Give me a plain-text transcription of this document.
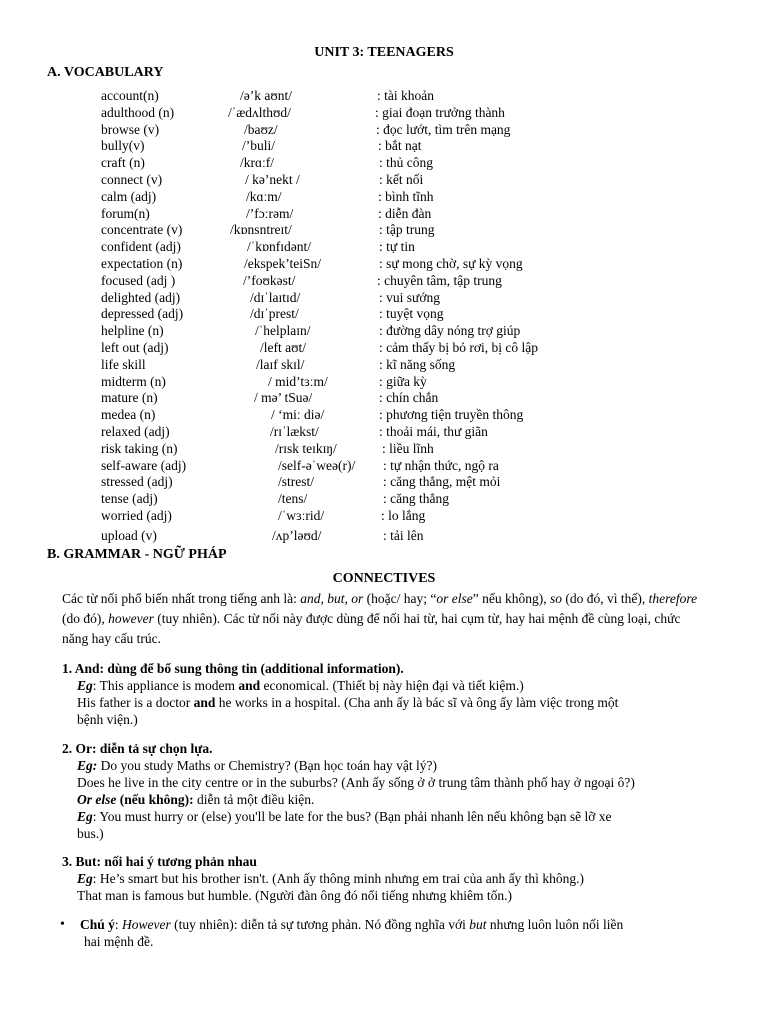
UNIT 3: TEENAGERS
A. VOCABULARY
account(n)	/ə’k aʊnt/	: tài khoản
adulthood (n)	/ˈædʌlthʊd/	: giai đoạn trưởng thành
browse (v)	/baʊz/	: đọc lướt, tìm trên mạng
bully(v)	/’buli/	: bắt nạt
craft (n)	/krɑːf/	: thủ công
connect (v)	/ kə’nekt /	: kết nối
calm (adj)	/kɑːm/	: bình tĩnh
forum(n)	/’fɔːrəm/	: diễn đàn
concentrate (v)	/kɒnsntreɪt/	: tập trung
confident (adj)	/ˈkɒnfɪdənt/	: tự tin
expectation (n)	/ekspek’teiSn/	: sự mong chờ, sự kỳ vọng
focused (adj )	/’foʊkəst/	: chuyên tâm, tập trung
delighted (adj)	/dɪˈlaɪtɪd/	: vui sướng
depressed (adj)	/dɪˈprest/	: tuyệt vọng
helpline (n)	/ˈhelplaɪn/	: đường dây nóng trợ giúp
left out (adj)	/left aʊt/	: cảm thấy bị bỏ rơi, bị cô lập
life skill	/laɪf skɪl/	: kĩ năng sống
midterm (n)	/ mid’tɜːm/	: giữa kỳ
mature (n)	/ mə’ tSuə/	: chín chắn
medea (n)	/ ‘miː diə/	: phương tiện truyền thông
relaxed (adj)	/rɪˈlækst/	: thoải mái, thư giãn
risk taking (n)	/rɪsk teɪkɪŋ/	: liều lĩnh
self-aware (adj)	/self-əˈweə(r)/ : tự nhận thức, ngộ ra
stressed (adj)	/strest/	: căng thẳng, mệt mỏi
tense (adj)	/tens/	: căng thẳng
worried (adj)	/ˈwɜːrid/	: lo lắng
upload (v)	/ʌp’ləʊd/	: tải lên
B. GRAMMAR - NGỮ PHÁP
CONNECTIVES
Các từ nối phổ biến nhất trong tiếng anh là: and, but, or (hoặc/ hay; “or else” nếu không), so (do đó, vì thế), therefore (do đó), however (tuy nhiên). Các từ nối này được dùng để nối hai từ, hai cụm từ, hay hai mệnh đề cùng loại, chức năng hay cấu trúc.
1. And: dùng để bổ sung thông tin (additional information).
Eg: This appliance is modem and economical. (Thiết bị này hiện đại và tiết kiệm.)
His father is a doctor and he works in a hospital. (Cha anh ấy là bác sĩ và ông ấy làm việc trong một
bệnh viện.)
2. Or: diễn tả sự chọn lựa.
Eg: Do you study Maths or Chemistry? (Bạn học toán hay vật lý?)
Does he live in the city centre or in the suburbs? (Anh ấy sống ở ở trung tâm thành phố hay ở ngoại ô?)
Or else (nếu không): diễn tả một điều kiện.
Eg: You must hurry or (else) you'll be late for the bus? (Bạn phải nhanh lên nếu không bạn sẽ lỡ xe
bus.)
3. But: nối hai ý tương phản nhau
Eg: He’s smart but his brother isn't. (Anh ấy thông minh nhưng em trai của anh ấy thì không.)
That man is famous but humble. (Người đàn ông đó nổi tiếng nhưng khiêm tốn.)
• Chú ý: However (tuy nhiên): diễn tả sự tương phản. Nó đồng nghĩa với but nhưng luôn luôn nối liền
hai mệnh đề.
